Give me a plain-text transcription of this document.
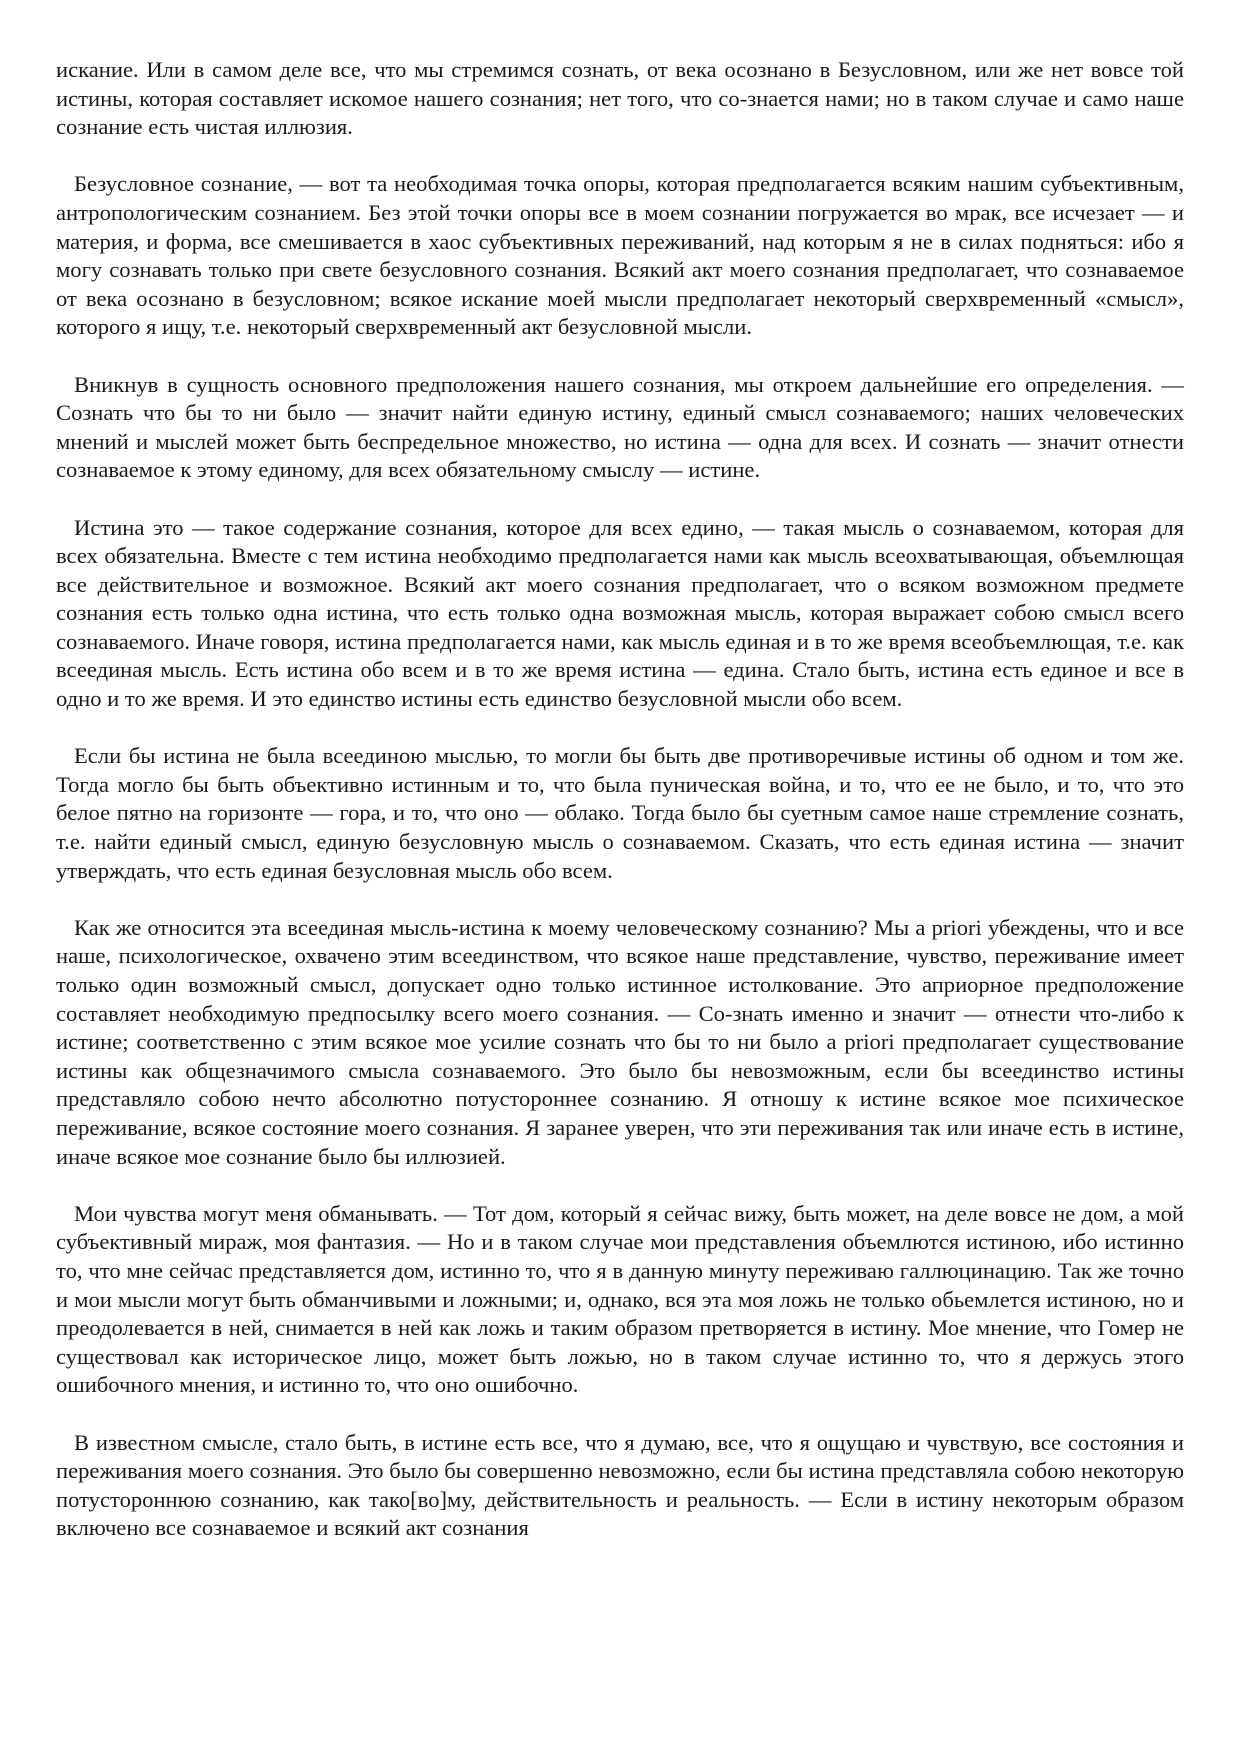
искание. Или в самом деле все, что мы стремимся сознать, от века осознано в Безусловном, или же нет вовсе той истины, которая составляет искомое нашего сознания; нет того, что со-знается нами; но в таком случае и само наше сознание есть чистая иллюзия.

Безусловное сознание, — вот та необходимая точка опоры, которая предполагается всяким нашим субъективным, антропологическим сознанием. Без этой точки опоры все в моем сознании погружается во мрак, все исчезает — и материя, и форма, все смешивается в хаос субъективных переживаний, над которым я не в силах подняться: ибо я могу сознавать только при свете безусловного сознания. Всякий акт моего сознания предполагает, что сознаваемое от века осознано в безусловном; всякое искание моей мысли предполагает некоторый сверхвременный «смысл», которого я ищу, т.е. некоторый сверхвременный акт безусловной мысли.

Вникнув в сущность основного предположения нашего сознания, мы откроем дальнейшие его определения. — Сознать что бы то ни было — значит найти единую истину, единый смысл сознаваемого; наших человеческих мнений и мыслей может быть беспредельное множество, но истина — одна для всех. И сознать — значит отнести сознаваемое к этому единому, для всех обязательному смыслу — истине.

Истина это — такое содержание сознания, которое для всех едино, — такая мысль о сознаваемом, которая для всех обязательна. Вместе с тем истина необходимо предполагается нами как мысль всеохватывающая, объемлющая все действительное и возможное. Всякий акт моего сознания предполагает, что о всяком возможном предмете сознания есть только одна истина, что есть только одна возможная мысль, которая выражает собою смысл всего сознаваемого. Иначе говоря, истина предполагается нами, как мысль единая и в то же время всеобъемлющая, т.е. как всеединая мысль. Есть истина обо всем и в то же время истина — едина. Стало быть, истина есть единое и все в одно и то же время. И это единство истины есть единство безусловной мысли обо всем.

Если бы истина не была всеединою мыслью, то могли бы быть две противоречивые истины об одном и том же. Тогда могло бы быть объективно истинным и то, что была пуническая война, и то, что ее не было, и то, что это белое пятно на горизонте — гора, и то, что оно — облако. Тогда было бы суетным самое наше стремление сознать, т.е. найти единый смысл, единую безусловную мысль о сознаваемом. Сказать, что есть единая истина — значит утверждать, что есть единая безусловная мысль обо всем.

Как же относится эта всеединая мысль-истина к моему человеческому сознанию? Мы a priori убеждены, что и все наше, психологическое, охвачено этим всеединством, что всякое наше представление, чувство, переживание имеет только один возможный смысл, допускает одно только истинное истолкование. Это априорное предположение составляет необходимую предпосылку всего моего сознания. — Со-знать именно и значит — отнести что-либо к истине; соответственно с этим всякое мое усилие сознать что бы то ни было a priori предполагает существование истины как общезначимого смысла сознаваемого. Это было бы невозможным, если бы всеединство истины представляло собою нечто абсолютно потустороннее сознанию. Я отношу к истине всякое мое психическое переживание, всякое состояние моего сознания. Я заранее уверен, что эти переживания так или иначе есть в истине, иначе всякое мое сознание было бы иллюзией.

Мои чувства могут меня обманывать. — Тот дом, который я сейчас вижу, быть может, на деле вовсе не дом, а мой субъективный мираж, моя фантазия. — Но и в таком случае мои представления объемлются истиною, ибо истинно то, что мне сейчас представляется дом, истинно то, что я в данную минуту переживаю галлюцинацию. Так же точно и мои мысли могут быть обманчивыми и ложными; и, однако, вся эта моя ложь не только обьемлется истиною, но и преодолевается в ней, снимается в ней как ложь и таким образом претворяется в истину. Мое мнение, что Гомер не существовал как историческое лицо, может быть ложью, но в таком случае истинно то, что я держусь этого ошибочного мнения, и истинно то, что оно ошибочно.

В известном смысле, стало быть, в истине есть все, что я думаю, все, что я ощущаю и чувствую, все состояния и переживания моего сознания. Это было бы совершенно невозможно, если бы истина представляла собою некоторую потустороннюю сознанию, как тако[во]му, действительность и реальность. — Если в истину некоторым образом включено все сознаваемое и всякий акт сознания
